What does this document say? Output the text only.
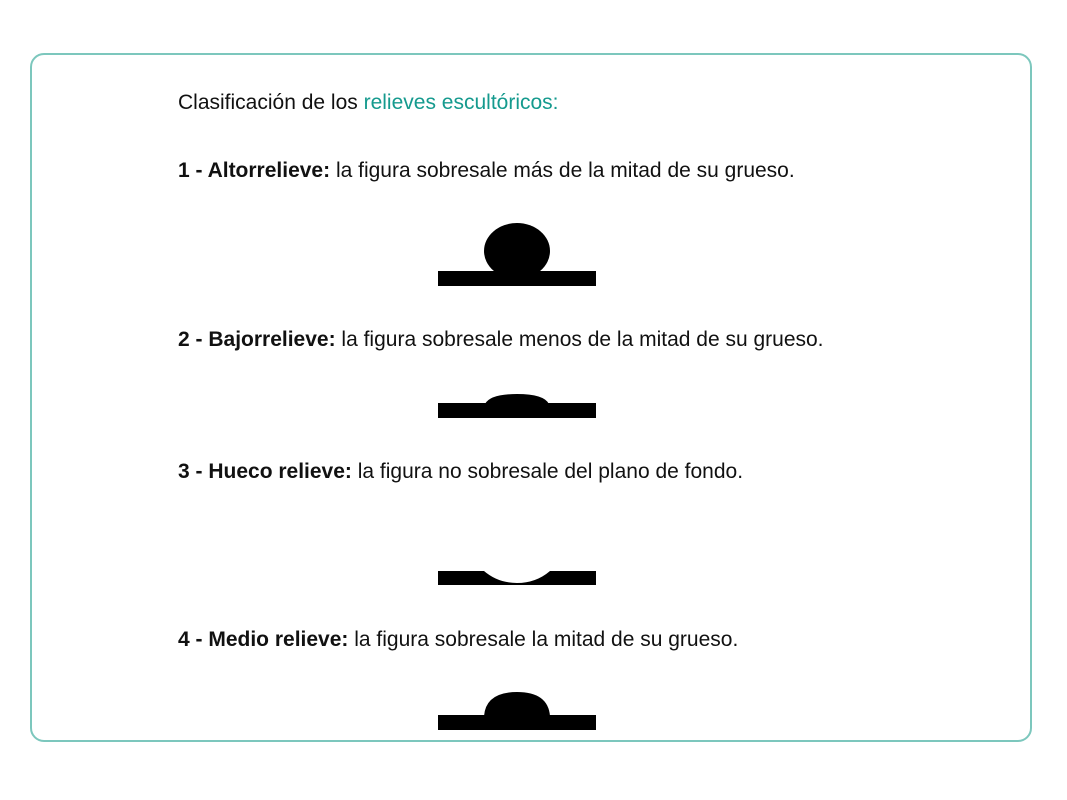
Clasificación de los relieves escultóricos:
1 - Altorrelieve: la figura sobresale más de la mitad de su grueso.
2 - Bajorrelieve: la figura sobresale menos de la mitad de su grueso.
3 - Hueco relieve: la figura no sobresale del plano de fondo.
4 - Medio relieve: la figura sobresale la mitad de su grueso.
